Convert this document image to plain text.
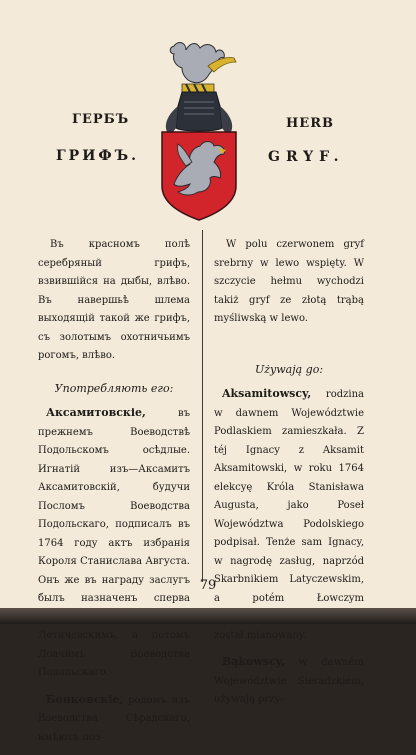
ГЕРБЪ
ГРИФЪ.
HERB
GRYF.

Въ красномъ полѣ серебряный грифъ, взвившійся на дыбы, влѣво. Въ навершьѣ шлема выходящій такой же грифъ, съ золотымъ охотничьимъ рогомъ, влѣво.

Употребляють его:

Аксамитовскіе,	въ прежнемъ Воеводствѣ Подольскомъ осѣдлые. Игнатій изъ—Аксамитъ Аксамитовскій, будучи Посломъ Воеводства Подольскаго, подписалъ въ 1764 году актъ избранія Короля Станислава Августа. Онъ же въ награду заслугъ былъ назначенъ сперва Летичевскимъ, а потомъ Ловчимъ Воеводства Подольскаго.

Бонковскіе, родомъ изъ Воеводства Сѣрадскаго, имѣютъ поз-

W polu czerwonem gryf srebrny w lewo wspięty. W szczycie hełmu wychodzi takiż gryf ze złotą trąbą myśliwską w lewo.

Używają go:

Aksamitowscy, rodzina w dawnem Województwie Podlaskiem zamieszkała. Z téj Ignacy z Aksamit Aksamitowski, w roku 1764 elekcyę Króla Stanisława Augusta, jako Poseł Województwa Podolskiego podpisał. Tenże sam Ignacy, w nagrodę zasług, naprzód Skarbnikiem Latyczewskim, a potém Łowczym został mianowany.

Bąkowscy, w dawném Województwie Sieradzkiém, używają przy-

79
